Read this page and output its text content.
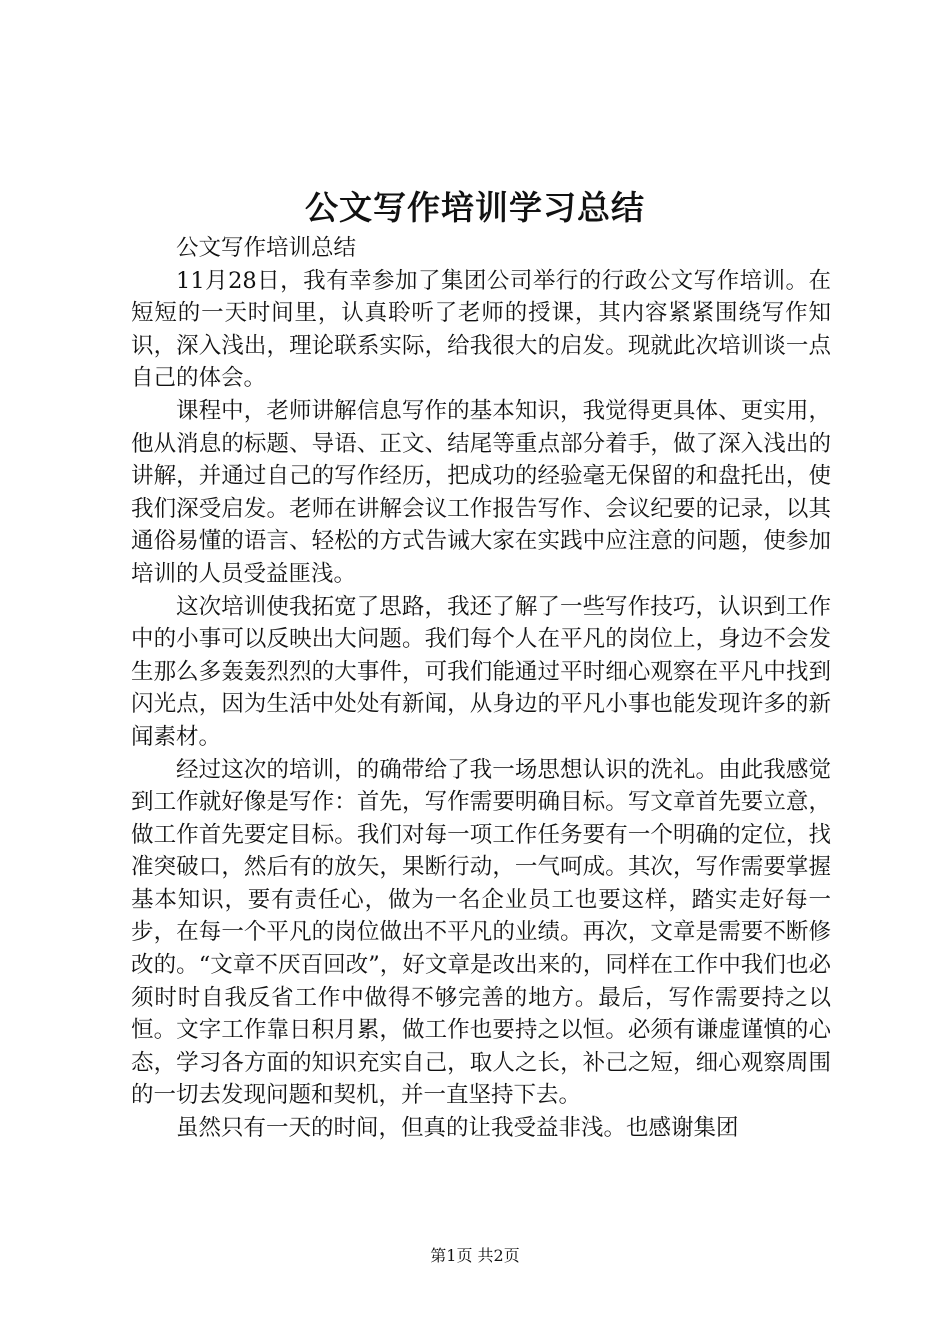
公文写作培训学习总结

公文写作培训总结

11月28日，我有幸参加了集团公司举行的行政公文写作培训。在短短的一天时间里，认真聆听了老师的授课，其内容紧紧围绕写作知识，深入浅出，理论联系实际，给我很大的启发。现就此次培训谈一点自己的体会。

课程中，老师讲解信息写作的基本知识，我觉得更具体、更实用，他从消息的标题、导语、正文、结尾等重点部分着手，做了深入浅出的讲解，并通过自己的写作经历，把成功的经验毫无保留的和盘托出，使我们深受启发。老师在讲解会议工作报告写作、会议纪要的记录，以其通俗易懂的语言、轻松的方式告诫大家在实践中应注意的问题，使参加培训的人员受益匪浅。

这次培训使我拓宽了思路，我还了解了一些写作技巧，认识到工作中的小事可以反映出大问题。我们每个人在平凡的岗位上，身边不会发生那么多轰轰烈烈的大事件，可我们能通过平时细心观察在平凡中找到闪光点，因为生活中处处有新闻，从身边的平凡小事也能发现许多的新闻素材。

经过这次的培训，的确带给了我一场思想认识的洗礼。由此我感觉到工作就好像是写作：首先，写作需要明确目标。写文章首先要立意，做工作首先要定目标。我们对每一项工作任务要有一个明确的定位，找准突破口，然后有的放矢，果断行动，一气呵成。其次，写作需要掌握基本知识，要有责任心，做为一名企业员工也要这样，踏实走好每一步，在每一个平凡的岗位做出不平凡的业绩。再次，文章是需要不断修改的。“文章不厌百回改”，好文章是改出来的，同样在工作中我们也必须时时自我反省工作中做得不够完善的地方。最后，写作需要持之以恒。文字工作靠日积月累，做工作也要持之以恒。必须有谦虚谨慎的心态，学习各方面的知识充实自己，取人之长，补己之短，细心观察周围的一切去发现问题和契机，并一直坚持下去。

虽然只有一天的时间，但真的让我受益非浅。也感谢集团

第1页 共2页
